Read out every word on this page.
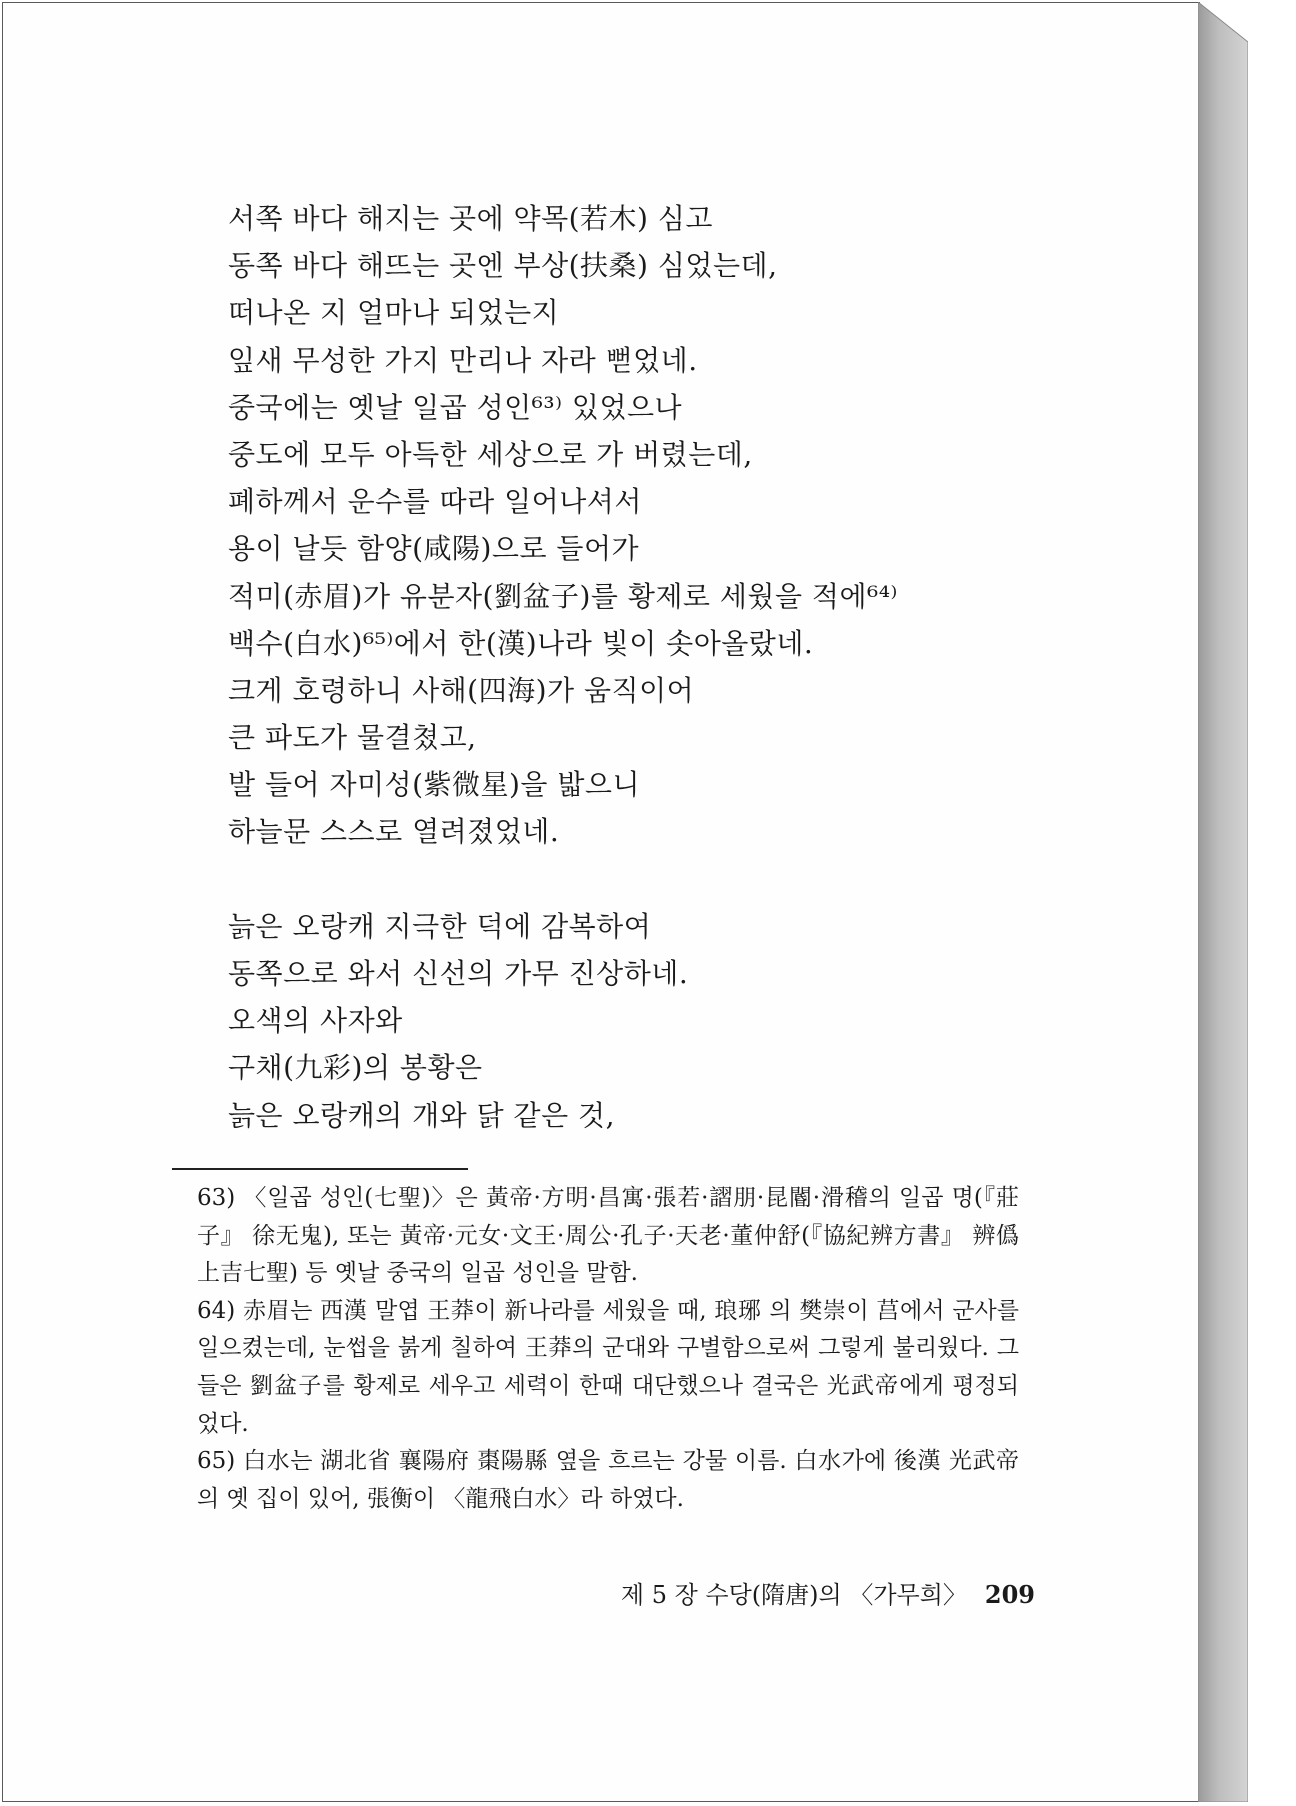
서쪽 바다 해지는 곳에 약목(若木) 심고
동쪽 바다 해뜨는 곳엔 부상(扶桑) 심었는데,
떠나온 지 얼마나 되었는지
잎새 무성한 가지 만리나 자라 뻗었네.
중국에는 옛날 일곱 성인⁶³⁾ 있었으나
중도에 모두 아득한 세상으로 가 버렸는데,
폐하께서 운수를 따라 일어나셔서
용이 날듯 함양(咸陽)으로 들어가
적미(赤眉)가 유분자(劉盆子)를 황제로 세웠을 적에⁶⁴⁾
백수(白水)⁶⁵⁾에서 한(漢)나라 빛이 솟아올랐네.
크게 호령하니 사해(四海)가 움직이어
큰 파도가 물결쳤고,
발 들어 자미성(紫微星)을 밟으니
하늘문 스스로 열려졌었네.
늙은 오랑캐 지극한 덕에 감복하여
동쪽으로 와서 신선의 가무 진상하네.
오색의 사자와
구채(九彩)의 봉황은
늙은 오랑캐의 개와 닭 같은 것,
63) 〈일곱 성인(七聖)〉은 黃帝·方明·昌寓·張若·謵朋·昆閽·滑稽의 일곱 명(『莊子』 徐无鬼), 또는 黃帝·元女·文王·周公·孔子·天老·董仲舒(『協紀辨方書』 辨僞 上吉七聖) 등 옛날 중국의 일곱 성인을 말함.
64) 赤眉는 西漢 말엽 王莽이 新나라를 세웠을 때, 琅琊 의 樊崇이 莒에서 군사를 일으켰는데, 눈썹을 붉게 칠하여 王莽의 군대와 구별함으로써 그렇게 불리웠다. 그들은 劉盆子를 황제로 세우고 세력이 한때 대단했으나 결국은 光武帝에게 평정되었다.
65) 白水는 湖北省 襄陽府 棗陽縣 옆을 흐르는 강물 이름. 白水가에 後漢 光武帝의 옛 집이 있어, 張衡이 〈龍飛白水〉라 하였다.
제 5 장 수당(隋唐)의 〈가무희〉 209
